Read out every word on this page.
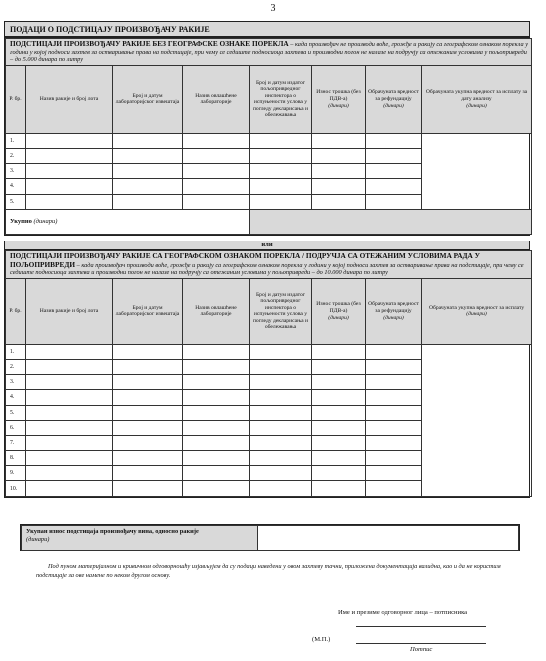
3
ПОДАЦИ О ПОДСТИЦАЈУ ПРОИЗВОЂАЧУ РАКИЈЕ
ПОДСТИЦАЈИ ПРОИЗВОЂАЧУ РАКИЈЕ БЕЗ ГЕОГРАФСКЕ ОЗНАКЕ ПОРЕКЛА – када произвођач не производи воће, грожђе и ракију са географском ознаком порекла у години у којој подноси захтев за остваривање права на подстицаје, при чему се седиште подносиоца захтева и производни погон не налазе на подручју са отежаним условима у пољопривреди – до 5.000 динара по литру							
Р. бр.	Назив ракије и број лота	Број и датум лабораторијског извештаја	Назив овлашћене лабораторије	Број и датум издатог пољопривредног инспектора о испуњености услова у погледу декларисања и обележавања	Износ трошка (без ПДВ-а)
(динари)	Обрачуната вредност за рефундацију
(динари)	Обрачуната укупна вредност за исплату за дату анализу
(динари)
1.							
2.							
3.							
4.							
5.							
Укупно (динари)							
или
ПОДСТИЦАЈИ ПРОИЗВОЂАЧУ РАКИЈЕ СА ГЕОГРАФСКОМ ОЗНАКОМ ПОРЕКЛА / ПОДРУЧЈА СА ОТЕЖАНИМ УСЛОВИМА РАДА У ПОЉОПРИВРЕДИ – када произвођач производи воће, грожђе и ракију са географском ознаком порекла у години у којој подноси захтев за остваривање права на подстицаје, при чему се седиште подносиоца захтева и производни погон не налазе на подручју са отежаним условима у пољопривреди – до 10.000 динара по литру							
Р. бр.	Назив ракије и број лота	Број и датум лабораторијског извештаја	Назив овлашћене лабораторије	Број и датум издатог пољопривредног инспектора о испуњености услова у погледу декларисања и обележавања	Износ трошка (без ПДВ-а)
(динари)	Обрачуната вредност за рефундацију
(динари)	Обрачуната укупна вредност за исплату
(динари)
1.							
2.							
3.							
4.							
5.							
6.							
7.							
8.							
9.							
10.							
Укупан износ подстицаја произвођачу вина, односно ракије
(динари)	

Под пуном материјалном и кривичном одговорношћу изјављујем да су подаци наведени у овом захтеву тачни, приложена документација валидна, као и да не користим подстицаје за ове намене по неком другом основу.

Име и презиме одговорног лица – потписника
(М.П.)
Потпис
